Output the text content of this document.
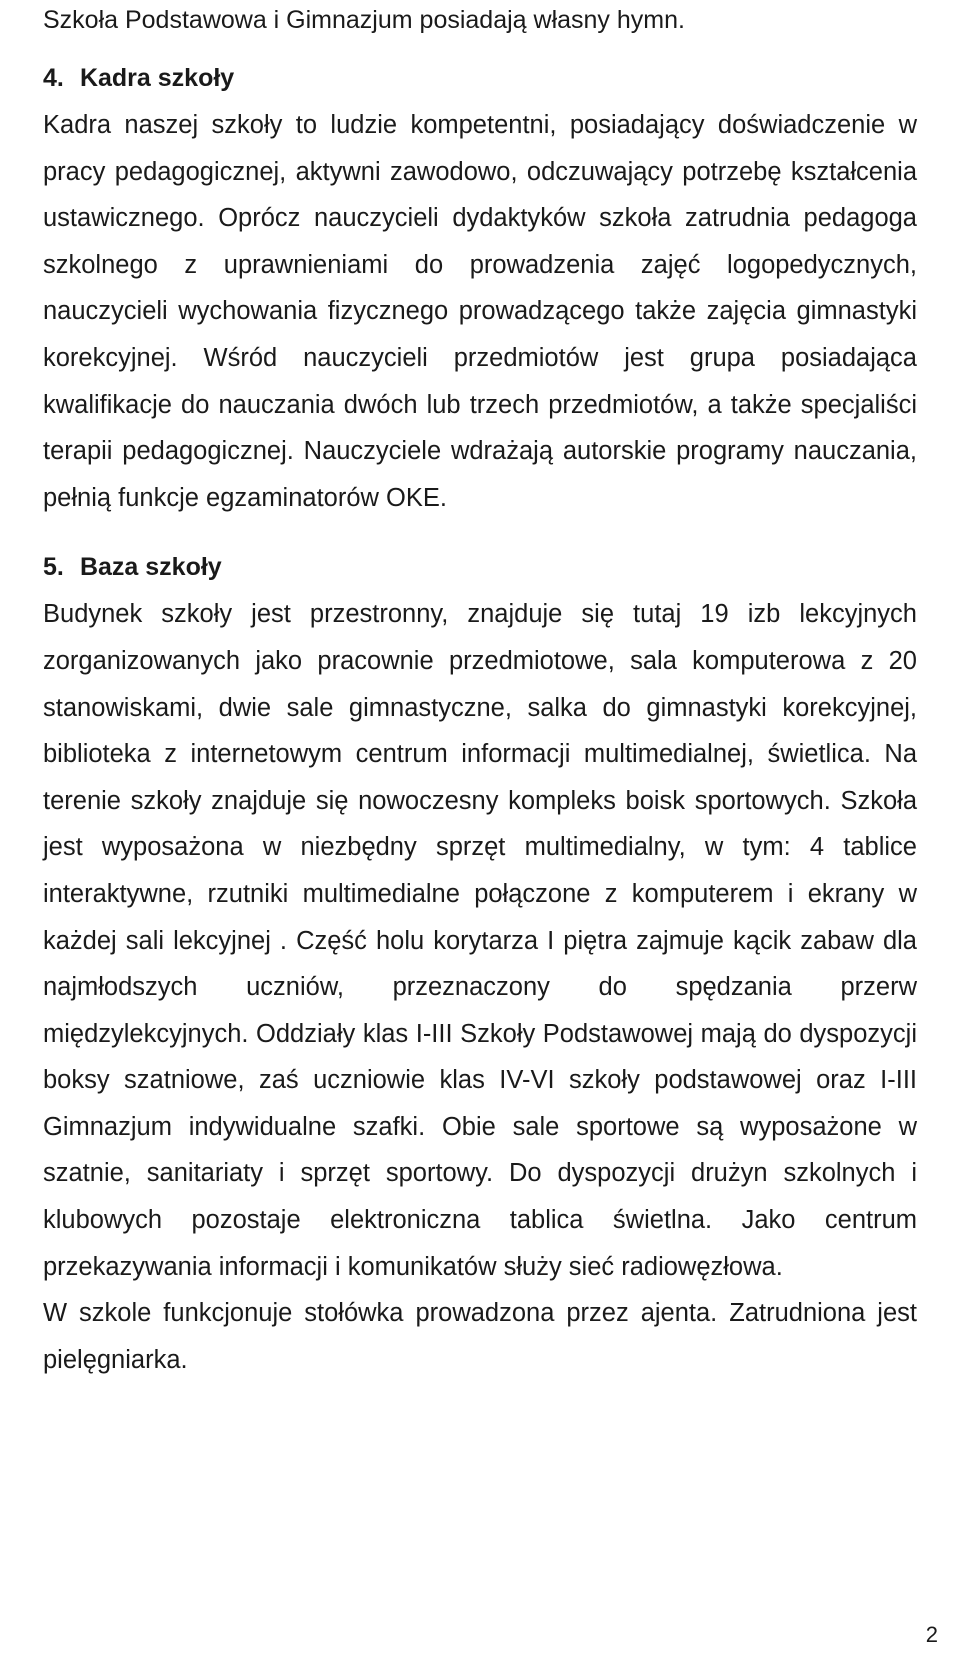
Szkoła Podstawowa i Gimnazjum posiadają własny hymn.

4. Kadra szkoły

Kadra naszej szkoły to ludzie kompetentni, posiadający doświadczenie w pracy pedagogicznej, aktywni zawodowo, odczuwający potrzebę kształcenia ustawicznego. Oprócz nauczycieli dydaktyków szkoła zatrudnia pedagoga szkolnego z uprawnieniami do prowadzenia zajęć logopedycznych, nauczycieli wychowania fizycznego prowadzącego także zajęcia gimnastyki korekcyjnej. Wśród nauczycieli przedmiotów jest grupa posiadająca kwalifikacje do nauczania dwóch lub trzech przedmiotów, a także specjaliści terapii pedagogicznej. Nauczyciele wdrażają autorskie programy nauczania, pełnią funkcje egzaminatorów OKE.

5. Baza szkoły

Budynek szkoły jest przestronny, znajduje się tutaj 19 izb lekcyjnych zorganizowanych jako pracownie przedmiotowe, sala komputerowa z 20 stanowiskami, dwie sale gimnastyczne, salka do gimnastyki korekcyjnej, biblioteka z internetowym centrum informacji multimedialnej, świetlica. Na terenie szkoły znajduje się nowoczesny kompleks boisk sportowych. Szkoła jest wyposażona w niezbędny sprzęt multimedialny, w tym: 4 tablice interaktywne, rzutniki multimedialne połączone z komputerem i ekrany w każdej sali lekcyjnej . Część holu korytarza I piętra zajmuje kącik zabaw dla najmłodszych uczniów, przeznaczony do spędzania przerw międzylekcyjnych. Oddziały klas I-III Szkoły Podstawowej mają do dyspozycji boksy szatniowe, zaś uczniowie klas IV-VI szkoły podstawowej oraz I-III Gimnazjum indywidualne szafki. Obie sale sportowe są wyposażone w szatnie, sanitariaty i sprzęt sportowy. Do dyspozycji drużyn szkolnych i klubowych pozostaje elektroniczna tablica świetlna. Jako centrum przekazywania informacji i komunikatów służy sieć radiowęzłowa.

W szkole funkcjonuje stołówka prowadzona przez ajenta. Zatrudniona jest pielęgniarka.

2
